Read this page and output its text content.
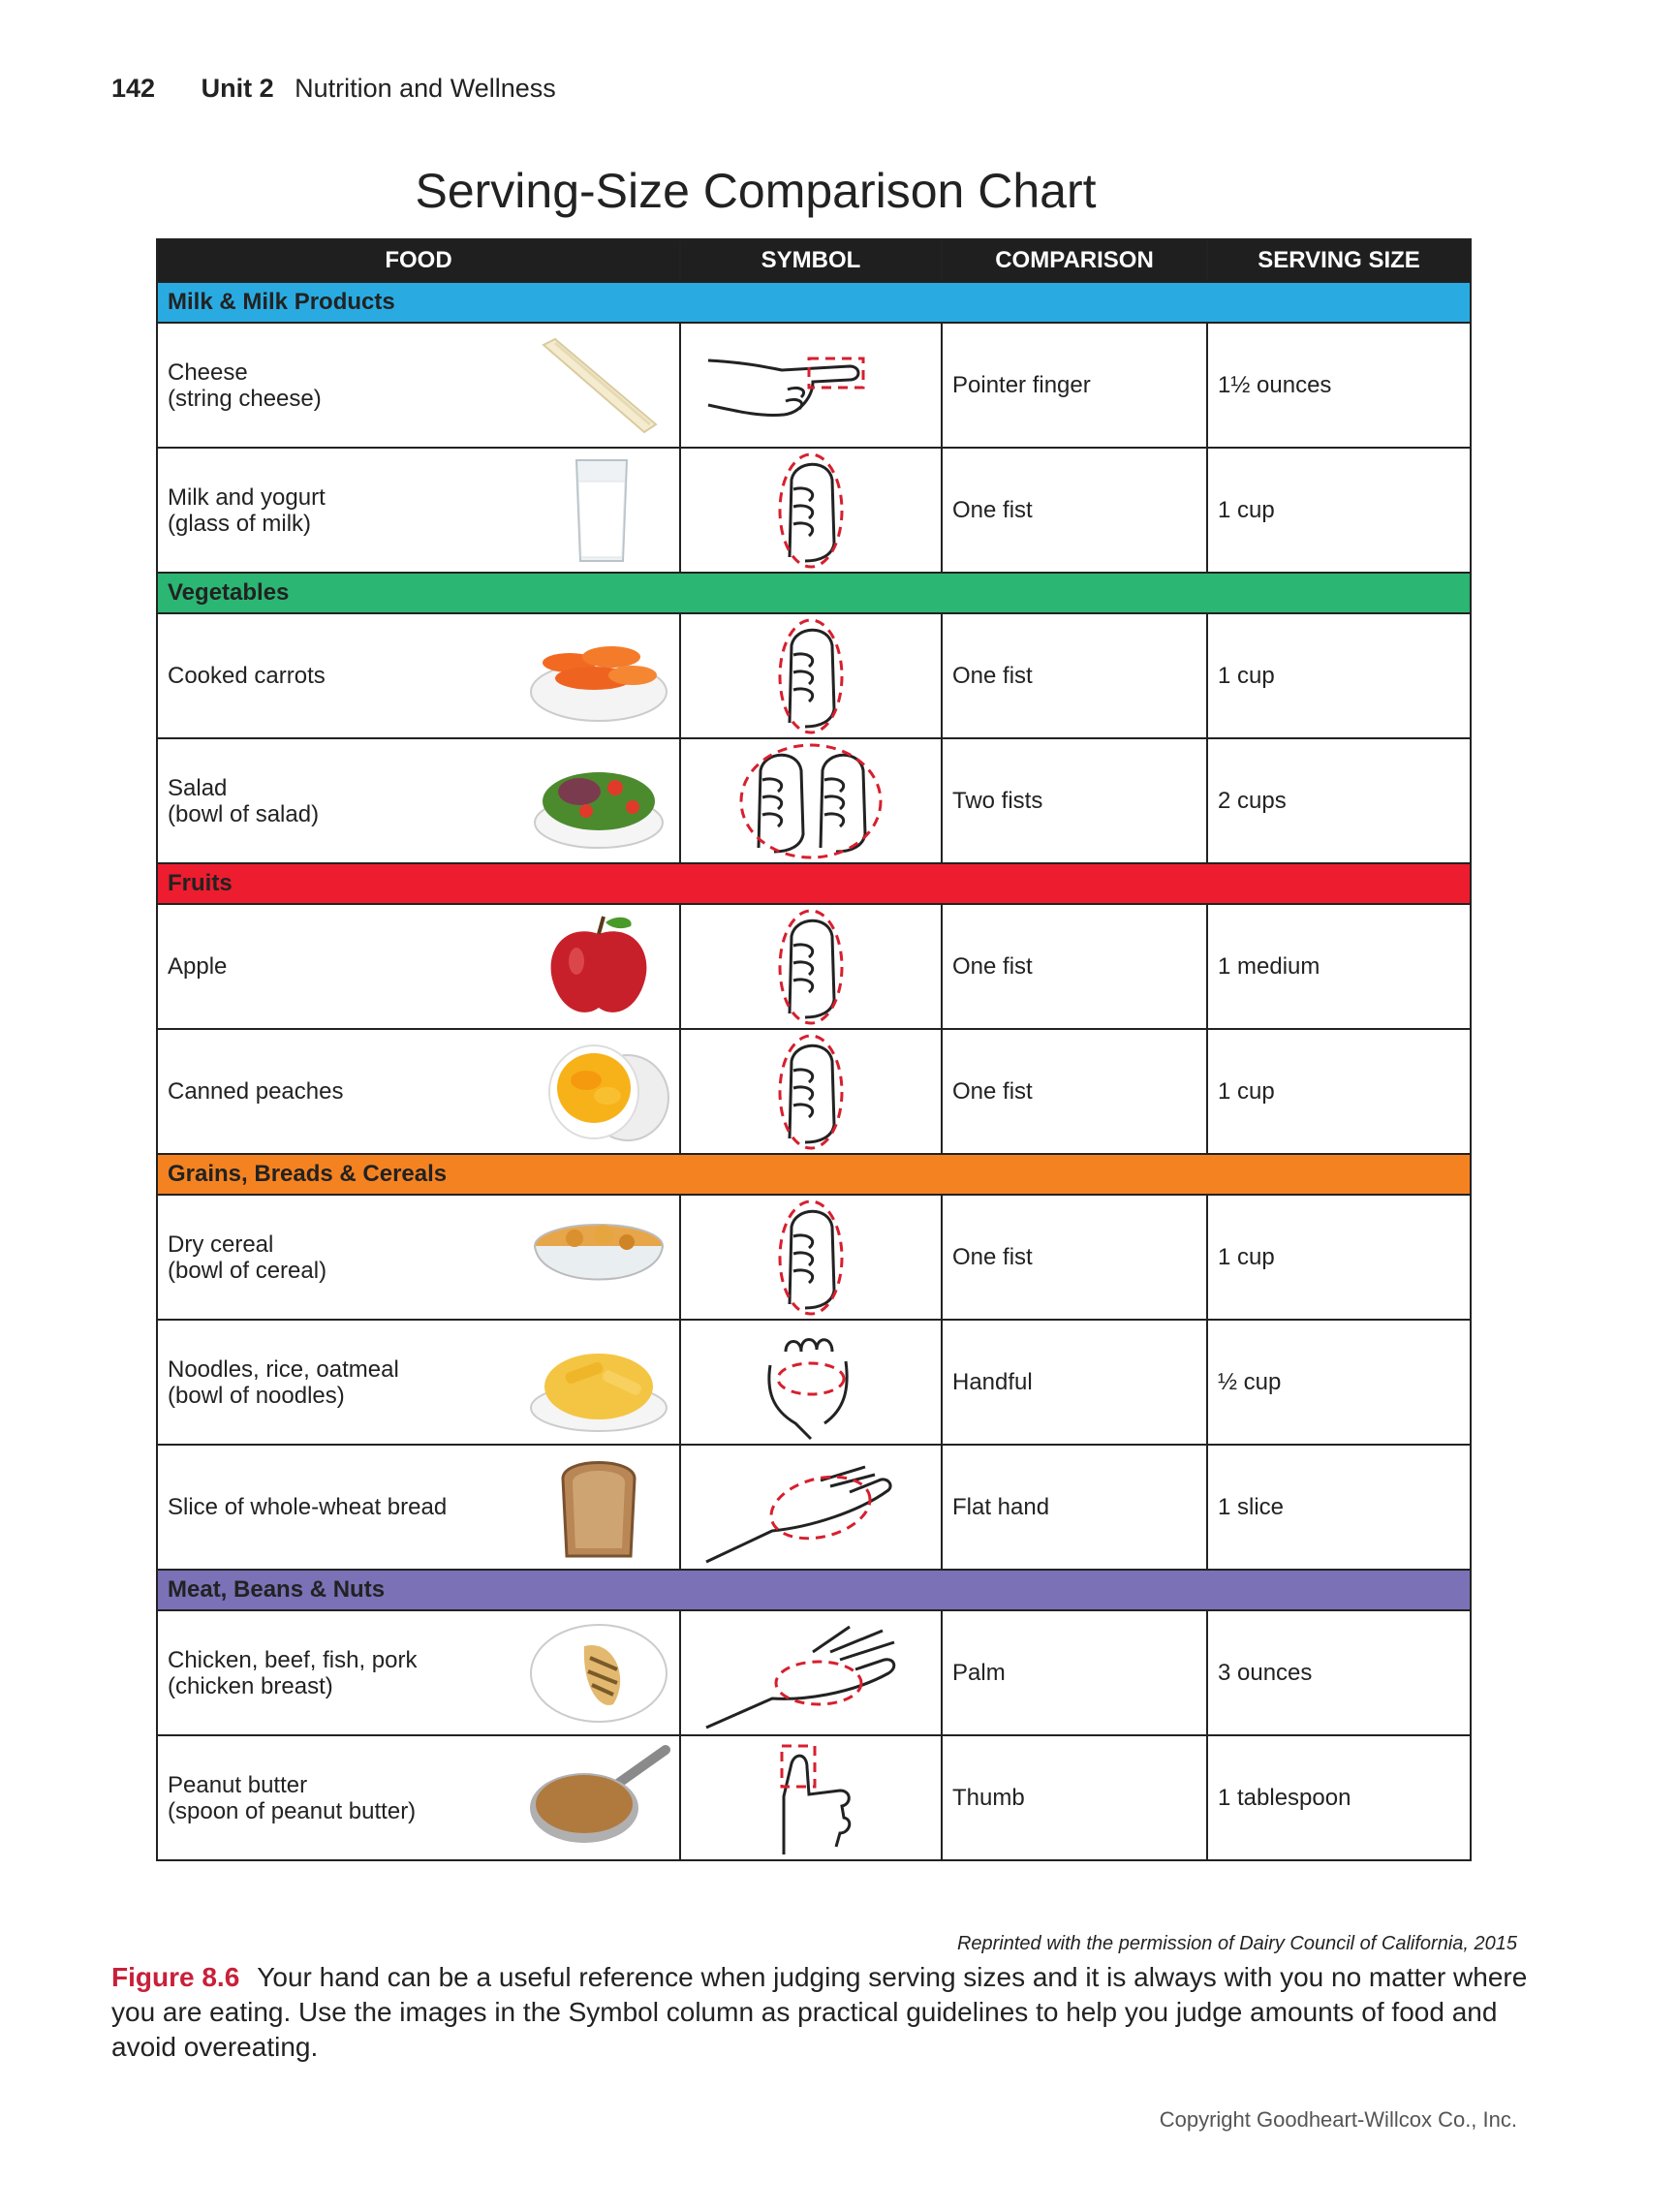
142 Unit 2 Nutrition and Wellness
Serving-Size Comparison Chart
FOOD	SYMBOL	COMPARISON	SERVING SIZE
Milk & Milk Products			

Cheese
(string cheese)		Pointer finger	1½ ounces

Milk and yogurt
(glass of milk)		One fist	1 cup
Vegetables			

Cooked carrots		One fist	1 cup

Salad
(bowl of salad)		Two fists	2 cups
Fruits			

Apple		One fist	1 medium

Canned peaches		One fist	1 cup
Grains, Breads & Cereals			

Dry cereal
(bowl of cereal)		One fist	1 cup

Noodles, rice, oatmeal
(bowl of noodles)		Handful	½ cup

Slice of whole-wheat bread		Flat hand	1 slice
Meat, Beans & Nuts			

Chicken, beef, fish, pork
(chicken breast)		Palm	3 ounces

Peanut butter
(spoon of peanut butter)		Thumb	1 tablespoon
Reprinted with the permission of Dairy Council of California, 2015
Figure 8.6 Your hand can be a useful reference when judging serving sizes and it is always with you no matter where you are eating. Use the images in the Symbol column as practical guidelines to help you judge amounts of food and avoid overeating.
Copyright Goodheart-Willcox Co., Inc.
